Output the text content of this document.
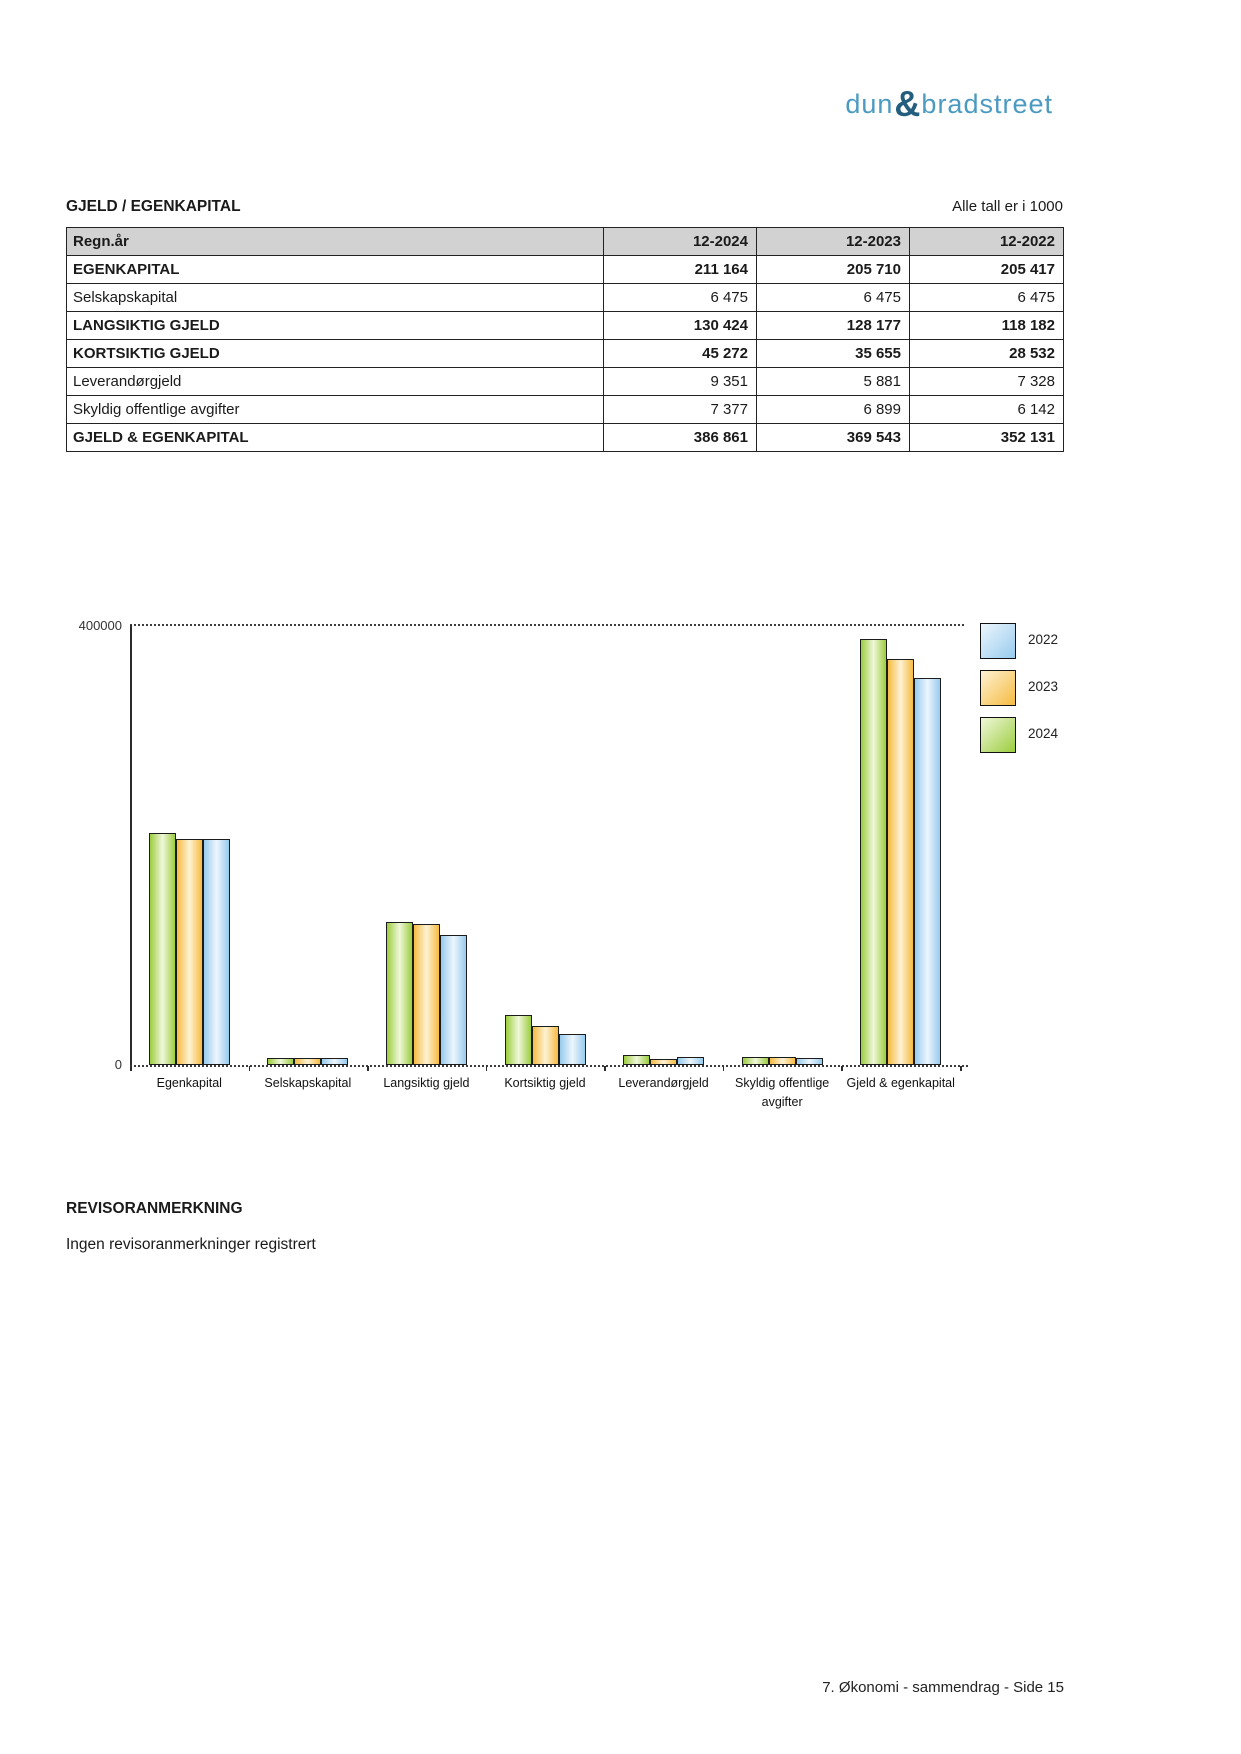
dun & bradstreet
GJELD / EGENKAPITAL	Alle tall er i 1000
Regn.år	12-2024	12-2023	12-2022
EGENKAPITAL	211 164	205 710	205 417
Selskapskapital	6 475	6 475	6 475
LANGSIKTIG GJELD	130 424	128 177	118 182
KORTSIKTIG GJELD	45 272	35 655	28 532
Leverandørgjeld	9 351	5 881	7 328
Skyldig offentlige avgifter	7 377	6 899	6 142
GJELD & EGENKAPITAL	386 861	369 543	352 131
400000
0
Egenkapital	Selskapskapital	Langsiktig gjeld	Kortsiktig gjeld	Leverandørgjeld	Skyldig offentlige avgifter
Gjeld & egenkapital
2022
2023
2024
REVISORANMERKNING
Ingen revisoranmerkninger registrert
7. Økonomi - sammendrag - Side 15
